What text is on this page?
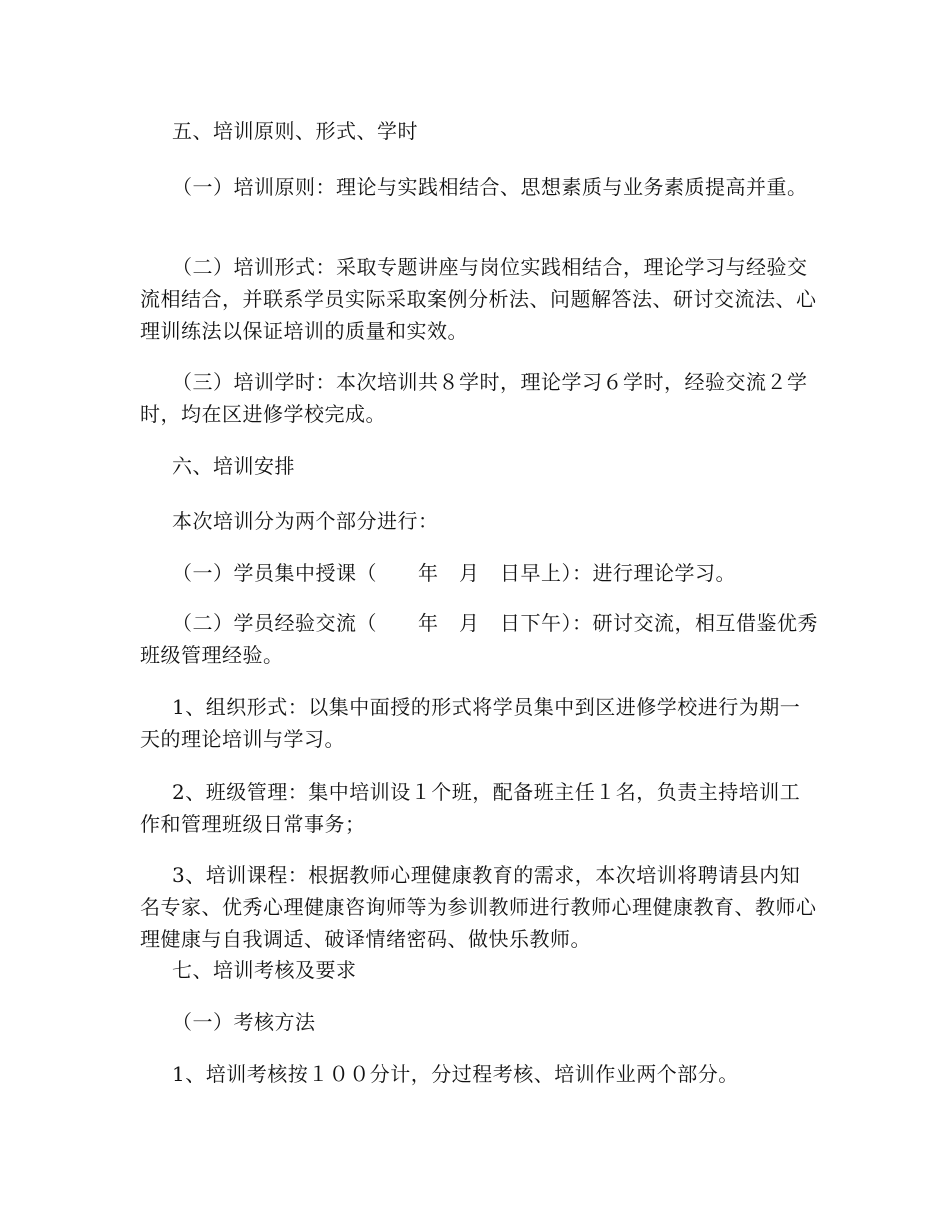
五、培训原则、形式、学时

（一）培训原则：理论与实践相结合、思想素质与业务素质提高并重。

（二）培训形式：采取专题讲座与岗位实践相结合，理论学习与经验交流相结合，并联系学员实际采取案例分析法、问题解答法、研讨交流法、心理训练法以保证培训的质量和实效。

（三）培训学时：本次培训共８学时，理论学习６学时，经验交流２学时，均在区进修学校完成。

六、培训安排

本次培训分为两个部分进行：

（一）学员集中授课（　　年　月　日早上）：进行理论学习。

（二）学员经验交流（　　年　月　日下午）：研讨交流，相互借鉴优秀班级管理经验。

1、组织形式：以集中面授的形式将学员集中到区进修学校进行为期一天的理论培训与学习。

2、班级管理：集中培训设１个班，配备班主任１名，负责主持培训工作和管理班级日常事务；

3、培训课程：根据教师心理健康教育的需求，本次培训将聘请县内知名专家、优秀心理健康咨询师等为参训教师进行教师心理健康教育、教师心理健康与自我调适、破译情绪密码、做快乐教师。

七、培训考核及要求

（一）考核方法

1、培训考核按１００分计，分过程考核、培训作业两个部分。
